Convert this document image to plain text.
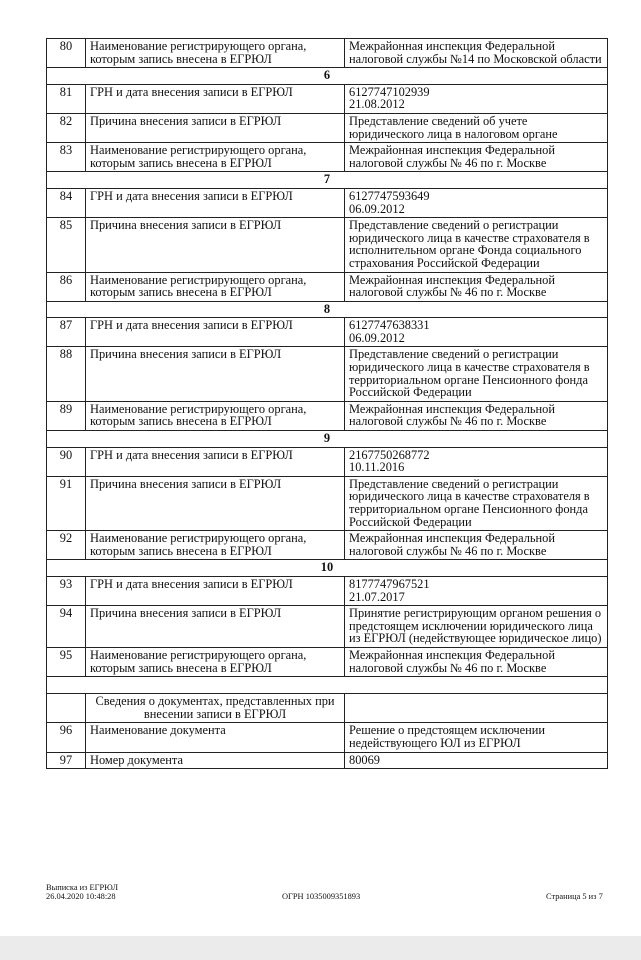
80	Наименование регистрирующего органа, которым запись внесена в ЕГРЮЛ	Межрайонная инспекция Федеральной налоговой службы №14 по Московской области
6		
81	ГРН и дата внесения записи в ЕГРЮЛ	6127747102939
21.08.2012
82	Причина внесения записи в ЕГРЮЛ	Представление сведений об учете юридического лица в налоговом органе
83	Наименование регистрирующего органа, которым запись внесена в ЕГРЮЛ	Межрайонная инспекция Федеральной налоговой службы № 46 по г. Москве
7		
84	ГРН и дата внесения записи в ЕГРЮЛ	6127747593649
06.09.2012
85	Причина внесения записи в ЕГРЮЛ	Представление сведений о регистрации юридического лица в качестве страхователя в исполнительном органе Фонда социального страхования Российской Федерации
86	Наименование регистрирующего органа, которым запись внесена в ЕГРЮЛ	Межрайонная инспекция Федеральной налоговой службы № 46 по г. Москве
8		
87	ГРН и дата внесения записи в ЕГРЮЛ	6127747638331
06.09.2012
88	Причина внесения записи в ЕГРЮЛ	Представление сведений о регистрации юридического лица в качестве страхователя в территориальном органе Пенсионного фонда Российской Федерации
89	Наименование регистрирующего органа, которым запись внесена в ЕГРЮЛ	Межрайонная инспекция Федеральной налоговой службы № 46 по г. Москве
9		
90	ГРН и дата внесения записи в ЕГРЮЛ	2167750268772
10.11.2016
91	Причина внесения записи в ЕГРЮЛ	Представление сведений о регистрации юридического лица в качестве страхователя в территориальном органе Пенсионного фонда Российской Федерации
92	Наименование регистрирующего органа, которым запись внесена в ЕГРЮЛ	Межрайонная инспекция Федеральной налоговой службы № 46 по г. Москве
10		
93	ГРН и дата внесения записи в ЕГРЮЛ	8177747967521
21.07.2017
94	Причина внесения записи в ЕГРЮЛ	Принятие регистрирующим органом решения о предстоящем исключении юридического лица из ЕГРЮЛ (недействующее юридическое лицо)
95	Наименование регистрирующего органа, которым запись внесена в ЕГРЮЛ	Межрайонная инспекция Федеральной налоговой службы № 46 по г. Москве

	Сведения о документах, представленных при внесении записи в ЕГРЮЛ	
96	Наименование документа	Решение о предстоящем исключении недействующего ЮЛ из ЕГРЮЛ
97	Номер документа	80069
Выписка из ЕГРЮЛ
26.04.2020 10:48:28	ОГРН 1035009351893	Страница 5 из 7
